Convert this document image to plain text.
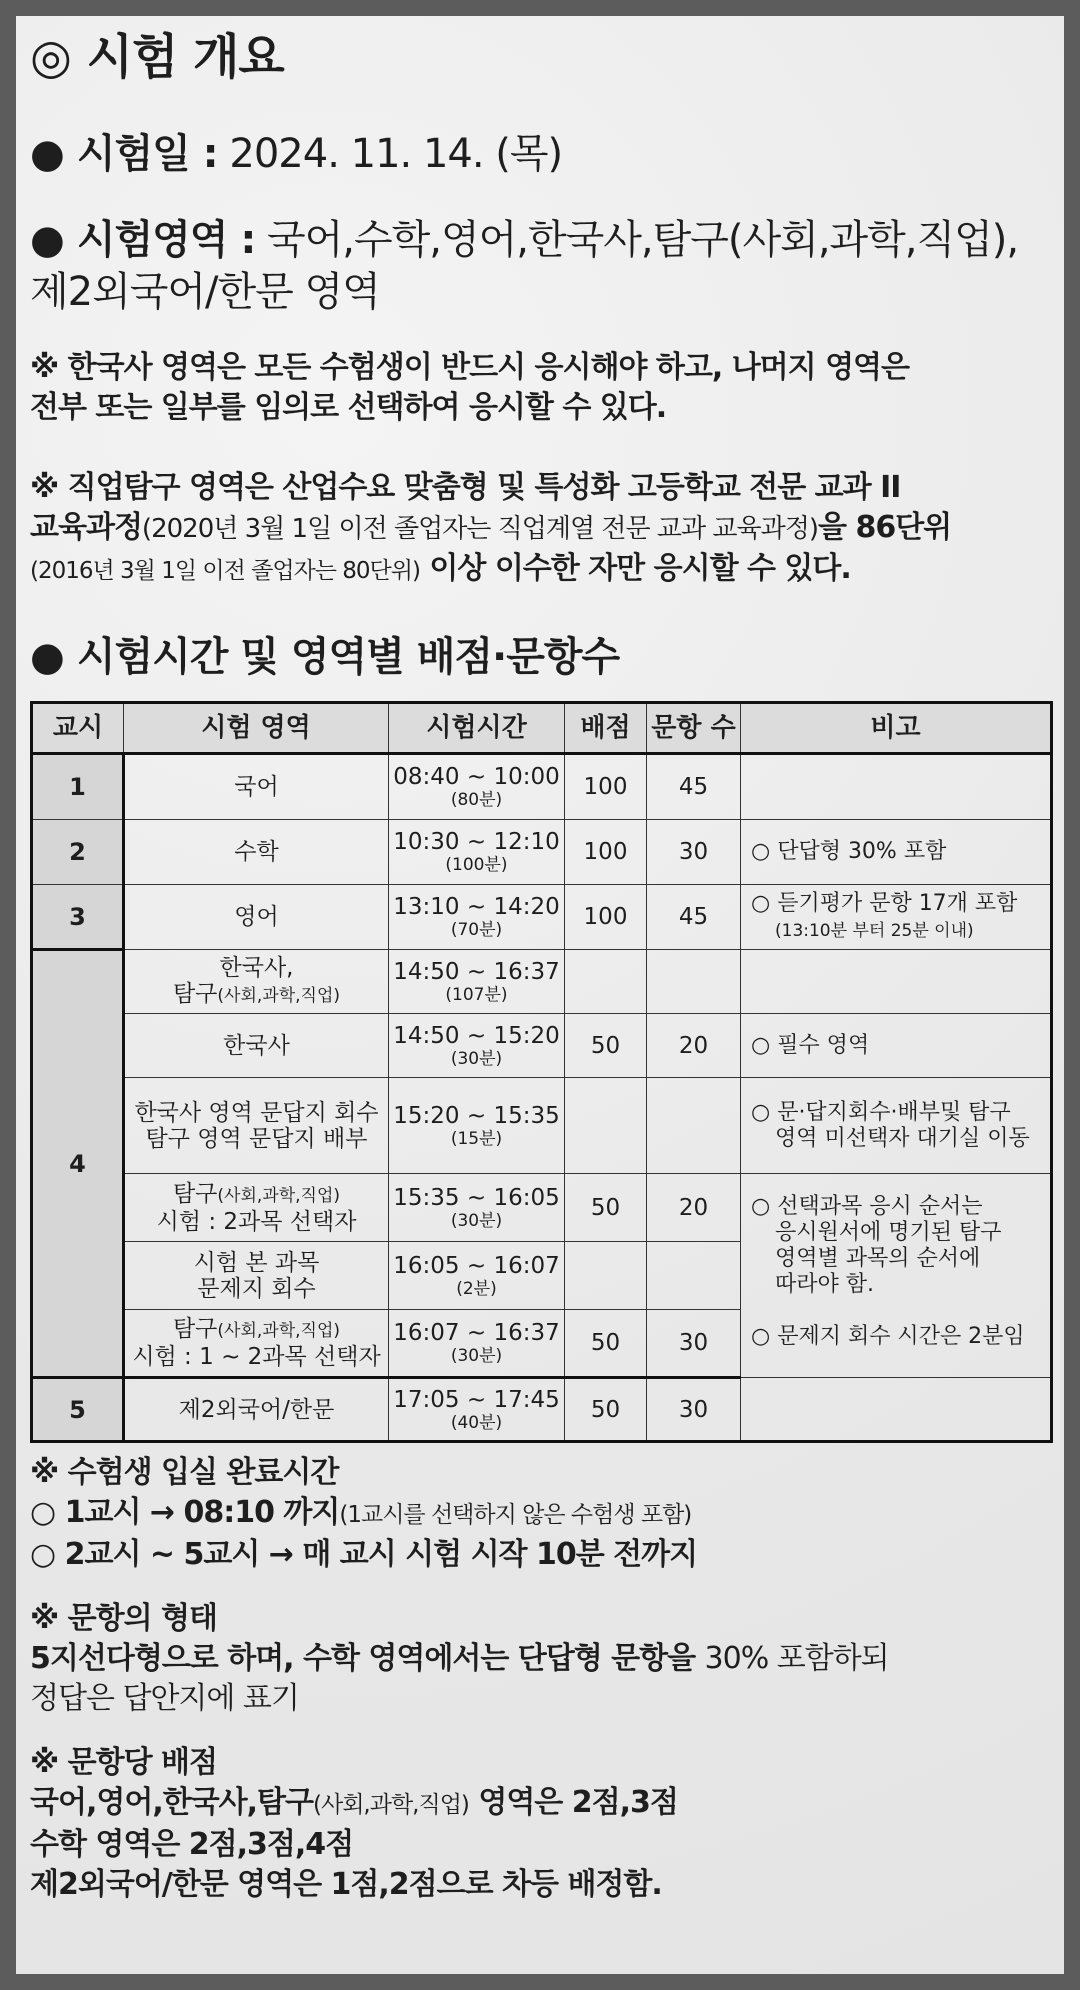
◎ 시험 개요

● 시험일 : 2024. 11. 14. (목)

● 시험영역 : 국어,수학,영어,한국사,탐구(사회,과학,직업),
제2외국어/한문 영역
※ 한국사 영역은 모든 수험생이 반드시 응시해야 하고, 나머지 영역은
전부 또는 일부를 임의로 선택하여 응시할 수 있다.
※ 직업탐구 영역은 산업수요 맞춤형 및 특성화 고등학교 전문 교과 II
교육과정(2020년 3월 1일 이전 졸업자는 직업계열 전문 교과 교육과정)을 86단위
(2016년 3월 1일 이전 졸업자는 80단위) 이상 이수한 자만 응시할 수 있다.

● 시험시간 및 영역별 배점·문항수

교시	시험 영역	시험시간	배점	문항 수	비고
1	국어	08:40 ~ 10:00
(80분)	100	45	
2	수학	10:30 ~ 12:10
(100분)	100	30	○ 단답형 30% 포함
3	영어	13:10 ~ 14:20
(70분)	100	45	○ 듣기평가 문항 17개 포함
(13:10분 부터 25분 이내)
4	한국사,
탐구(사회,과학,직업)	14:50 ~ 16:37
(107분)			

	한국사	14:50 ~ 15:20
(30분)	50	20	○ 필수 영역
	한국사 영역 문답지 회수
탐구 영역 문답지 배부	15:20 ~ 15:35
(15분)			○ 문·답지회수·배부및 탐구
영역 미선택자 대기실 이동
	탐구(사회,과학,직업)
시험 : 2과목 선택자	15:35 ~ 16:05
(30분)	50	20	○ 선택과목 응시 순서는
응시원서에 명기된 탐구
영역별 과목의 순서에
따라야 함.

○ 문제지 회수 시간은 2분임
	시험 본 과목
문제지 회수	16:05 ~ 16:07
(2분)			

	탐구(사회,과학,직업)
시험 : 1 ~ 2과목 선택자	16:07 ~ 16:37
(30분)	50	30	
5	제2외국어/한문	17:05 ~ 17:45
(40분)	50	30	
※ 수험생 입실 완료시간
○ 1교시 → 08:10 까지(1교시를 선택하지 않은 수험생 포함)
○ 2교시 ~ 5교시 → 매 교시 시험 시작 10분 전까지
※ 문항의 형태
5지선다형으로 하며, 수학 영역에서는 단답형 문항을 30% 포함하되
정답은 답안지에 표기
※ 문항당 배점
국어,영어,한국사,탐구(사회,과학,직업) 영역은 2점,3점
수학 영역은 2점,3점,4점
제2외국어/한문 영역은 1점,2점으로 차등 배정함.
